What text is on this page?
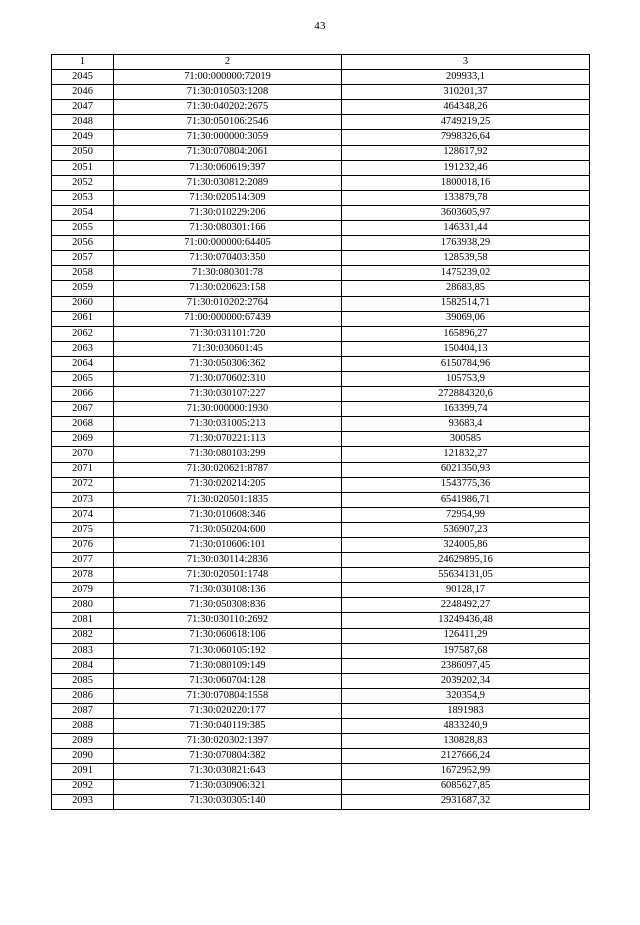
43
1	2	3
2045	71:00:000000:72019	209933,1
2046	71:30:010503:1208	310201,37
2047	71:30:040202:2675	464348,26
2048	71:30:050106:2546	4749219,25
2049	71:30:000000:3059	7998326,64
2050	71:30:070804:2061	128617,92
2051	71:30:060619:397	191232,46
2052	71:30:030812:2089	1800018,16
2053	71:30:020514:309	133879,78
2054	71:30:010229:206	3603605,97
2055	71:30:080301:166	146331,44
2056	71:00:000000:64405	1763938,29
2057	71:30:070403:350	128539,58
2058	71:30:080301:78	1475239,02
2059	71:30:020623:158	28683,85
2060	71:30:010202:2764	1582514,71
2061	71:00:000000:67439	39069,06
2062	71:30:031101:720	165896,27
2063	71:30:030601:45	150404,13
2064	71:30:050306:362	6150784,96
2065	71:30:070602:310	105753,9
2066	71:30:030107:227	272884320,6
2067	71:30:000000:1930	163399,74
2068	71:30:031005:213	93683,4
2069	71:30:070221:113	300585
2070	71:30:080103:299	121832,27
2071	71:30:020621:8787	6021350,93
2072	71:30:020214:205	1543775,36
2073	71:30:020501:1835	6541986,71
2074	71:30:010608:346	72954,99
2075	71:30:050204:600	536907,23
2076	71:30:010606:101	324005,86
2077	71:30:030114:2836	24629895,16
2078	71:30:020501:1748	55634131,05
2079	71:30:030108:136	90128,17
2080	71:30:050308:836	2248492,27
2081	71:30:030110:2692	13249436,48
2082	71:30:060618:106	126411,29
2083	71:30:060105:192	197587,68
2084	71:30:080109:149	2386097,45
2085	71:30:060704:128	2039202,34
2086	71:30:070804:1558	320354,9
2087	71:30:020220:177	1891983
2088	71:30:040119:385	4833240,9
2089	71:30:020302:1397	130828,83
2090	71:30:070804:382	2127666,24
2091	71:30:030821:643	1672952,99
2092	71:30:030906:321	6085627,85
2093	71:30:030305:140	2931687,32
